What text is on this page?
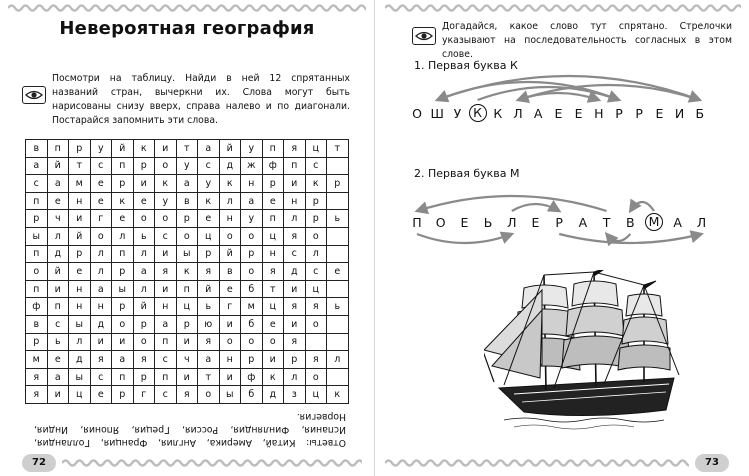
Невероятная география
Посмотри на таблицу. Найди в ней 12 спрятанных названий стран, вычеркни их. Слова могут быть нарисованы снизу вверх, справа налево и по диагонали. Постарайся запомнить эти слова.
в	п	р	у	й	к	и	т	а	й	у	п	я	ц	т
а	й	т	с	п	р	о	у	с	д	ж	ф	п	с	
с	а	м	е	р	и	к	а	у	к	н	р	и	к	р
п	е	н	е	к	е	у	в	к	л	а	е	н	р	
р	ч	и	г	е	о	о	р	е	н	у	п	л	р	ь
ы	л	й	о	л	ь	с	о	ц	о	о	ц	я	о	
п	д	р	л	п	л	и	ы	р	й	р	н	с	л	
о	й	е	л	р	а	я	к	я	в	о	я	д	с	е
п	и	н	а	ы	л	и	п	й	е	б	т	и	ц	
ф	п	н	н	р	й	н	ц	ь	г	м	ц	я	я	ь
в	с	ы	д	о	р	а	р	ю	и	б	е	и	о	
р	ь	л	и	и	о	п	и	я	о	о	о	я		
м	е	д	я	а	я	с	ч	а	н	р	и	р	я	л
я	а	ы	с	п	р	п	и	т	и	ф	к	л	о	
я	и	ц	е	р	г	с	я	о	ы	б	д	з	ц	к
Ответы: Китай, Америка, Англия, Франция, Голландия, Испания, Финляндия, Россия, Греция, Япония, Индия, Норвегия.
72
Догадайся, какое слово тут спрятано. Стрелочки указывают на последовательность согласных в этом слове.
1. Первая буква К
О Ш У К К Л А Е Е Н Р	Р Е И Б
2. Первая буква М
П	О	Е	Ь	Л	Е	Р	А	Т	В	М	А	Л
73
